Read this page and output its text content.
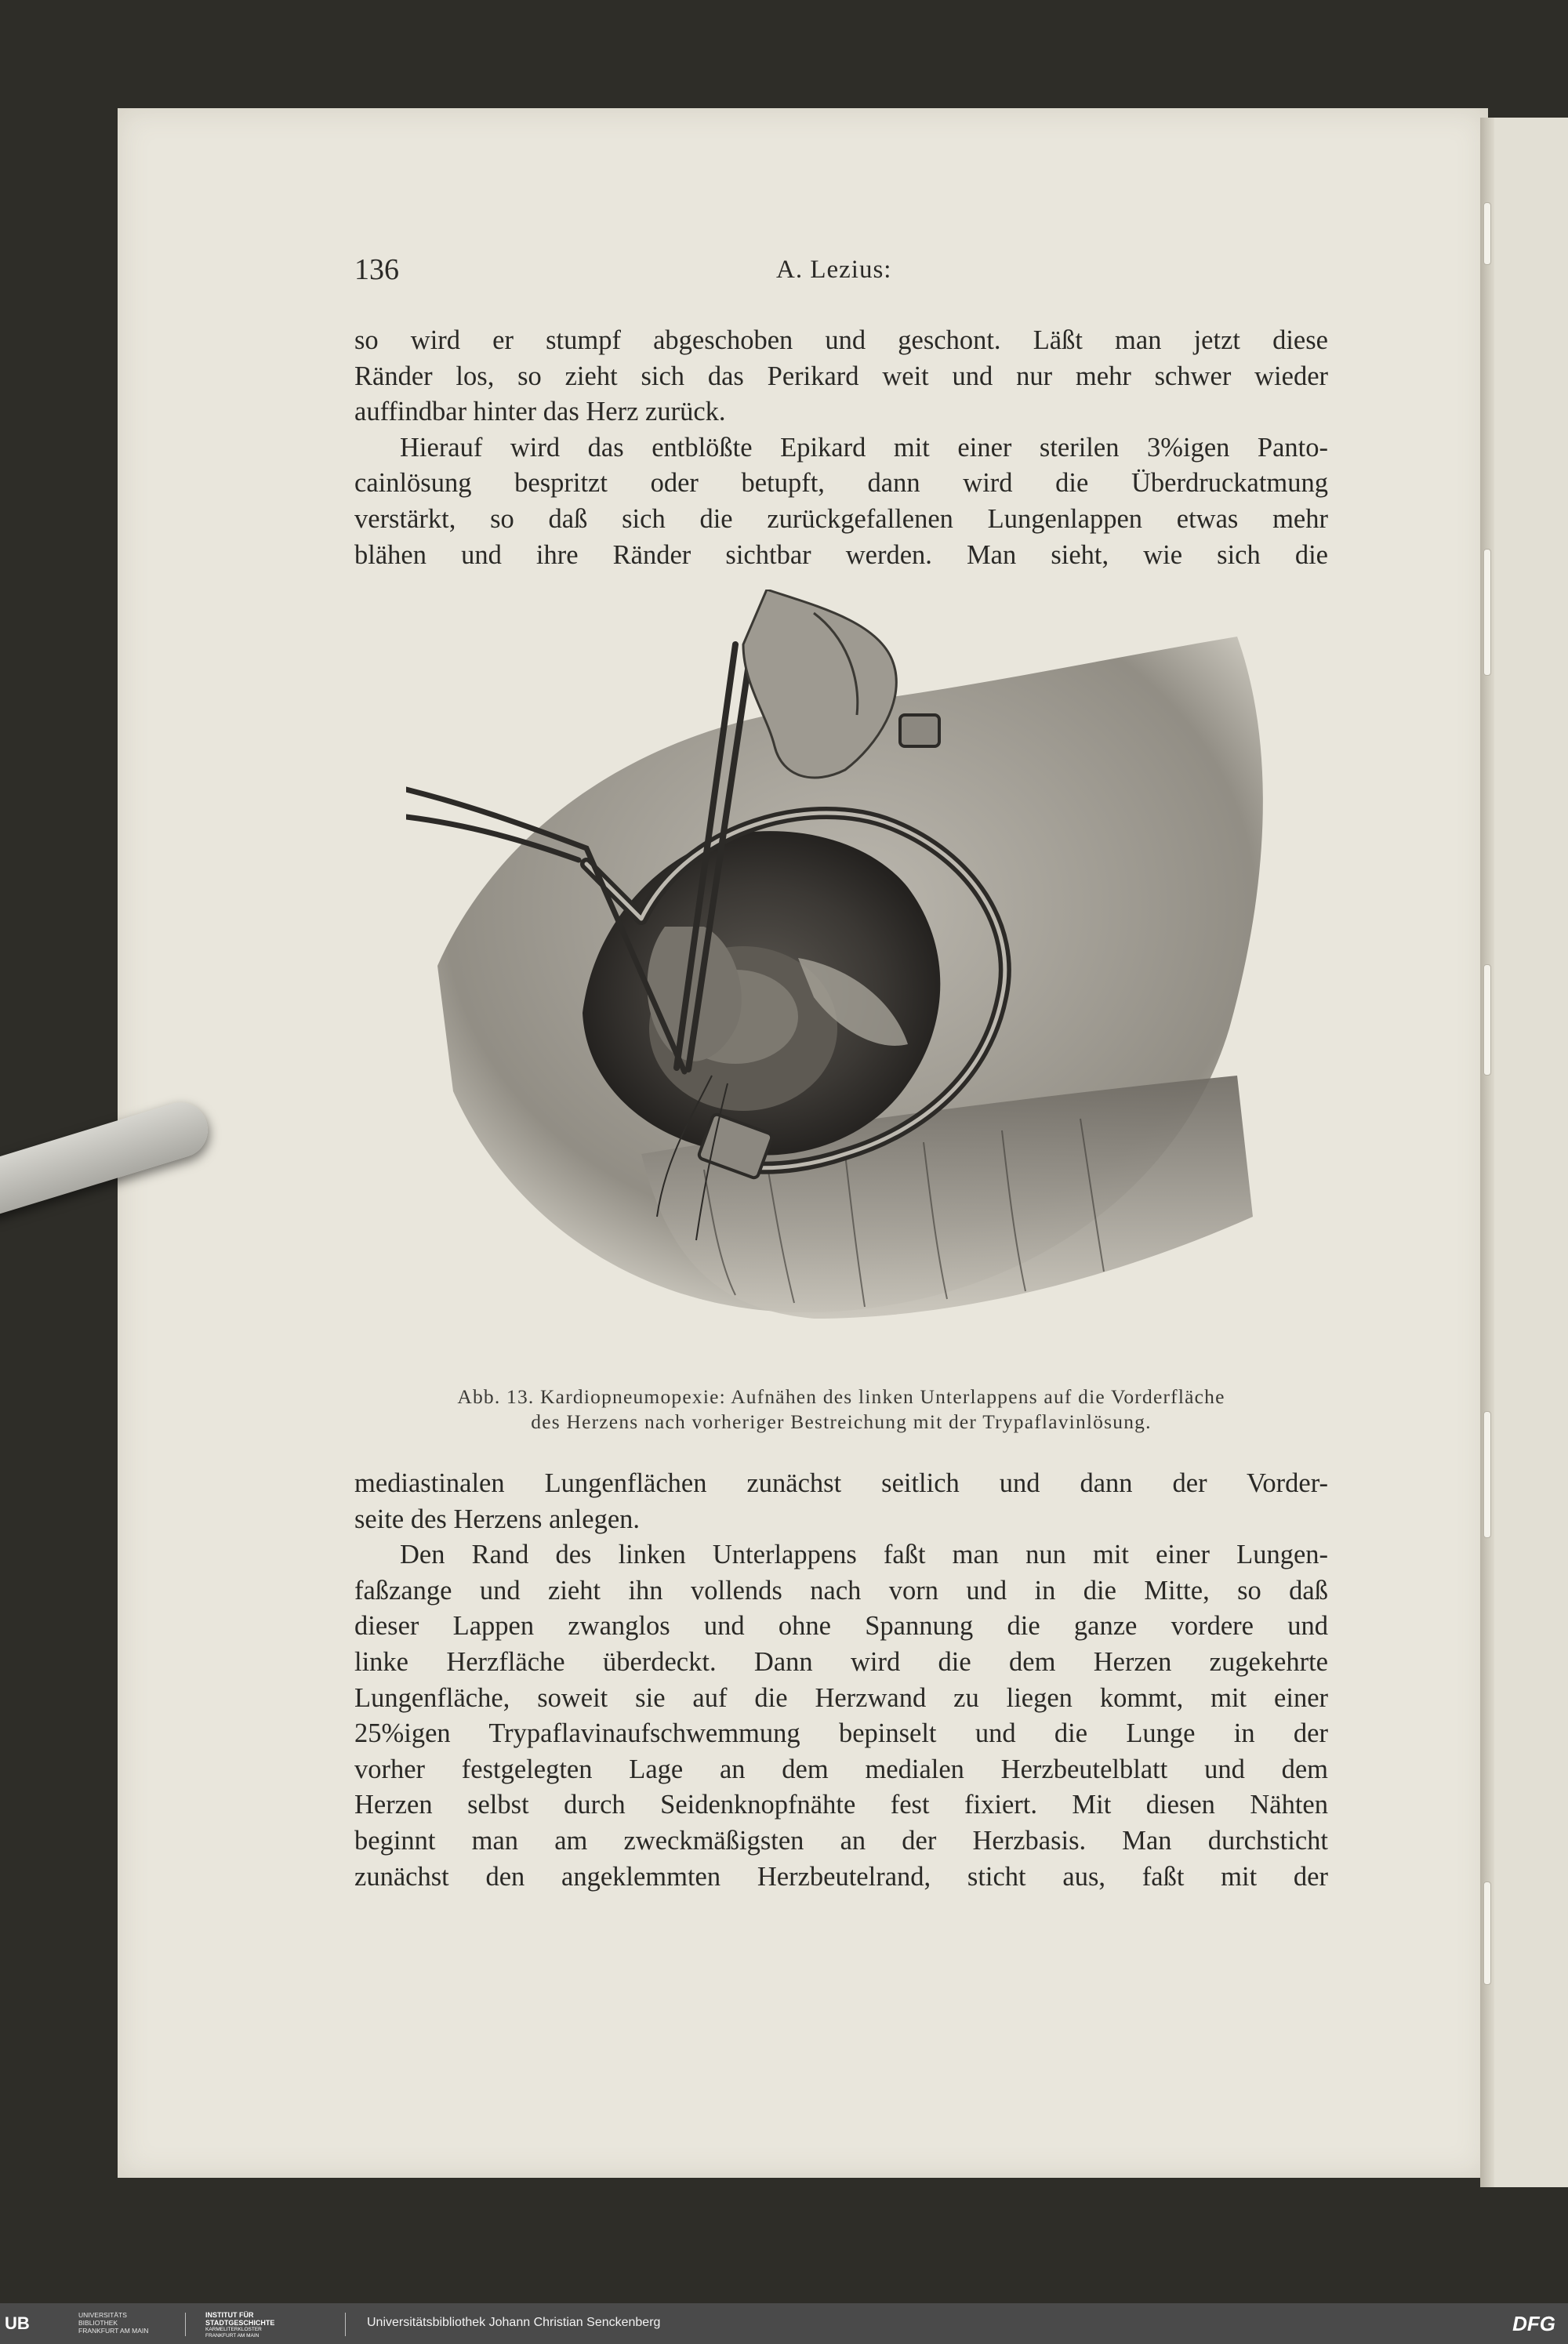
136	A. Lezius:
so wird er stumpf abgeschoben und geschont. Läßt man jetzt diese
Ränder los, so zieht sich das Perikard weit und nur mehr schwer wieder
auffindbar hinter das Herz zurück.
Hierauf wird das entblößte Epikard mit einer sterilen 3%igen Panto-
cainlösung bespritzt oder betupft, dann wird die Überdruckatmung
verstärkt, so daß sich die zurückgefallenen Lungenlappen etwas mehr
blähen und ihre Ränder sichtbar werden. Man sieht, wie sich die
Abb. 13. Kardiopneumopexie: Aufnähen des linken Unterlappens auf die Vorderfläche
des Herzens nach vorheriger Bestreichung mit der Trypaflavinlösung.
mediastinalen Lungenflächen zunächst seitlich und dann der Vorder-
seite des Herzens anlegen.
Den Rand des linken Unterlappens faßt man nun mit einer Lungen-
faßzange und zieht ihn vollends nach vorn und in die Mitte, so daß
dieser Lappen zwanglos und ohne Spannung die ganze vordere und
linke Herzfläche überdeckt. Dann wird die dem Herzen zugekehrte
Lungenfläche, soweit sie auf die Herzwand zu liegen kommt, mit einer
25%igen Trypaflavinaufschwemmung bepinselt und die Lunge in der
vorher festgelegten Lage an dem medialen Herzbeutelblatt und dem
Herzen selbst durch Seidenknopfnähte fest fixiert. Mit diesen Nähten
beginnt man am zweckmäßigsten an der Herzbasis. Man durchsticht
zunächst den angeklemmten Herzbeutelrand, sticht aus, faßt mit der
UB	UNIVERSITÄTS
BIBLIOTHEK
FRANKFURT AM MAIN
INSTITUT FÜR
STADTGESCHICHTE
KARMELITERKLOSTER
FRANKFURT AM MAIN
Universitätsbibliothek Johann Christian Senckenberg	DFG
